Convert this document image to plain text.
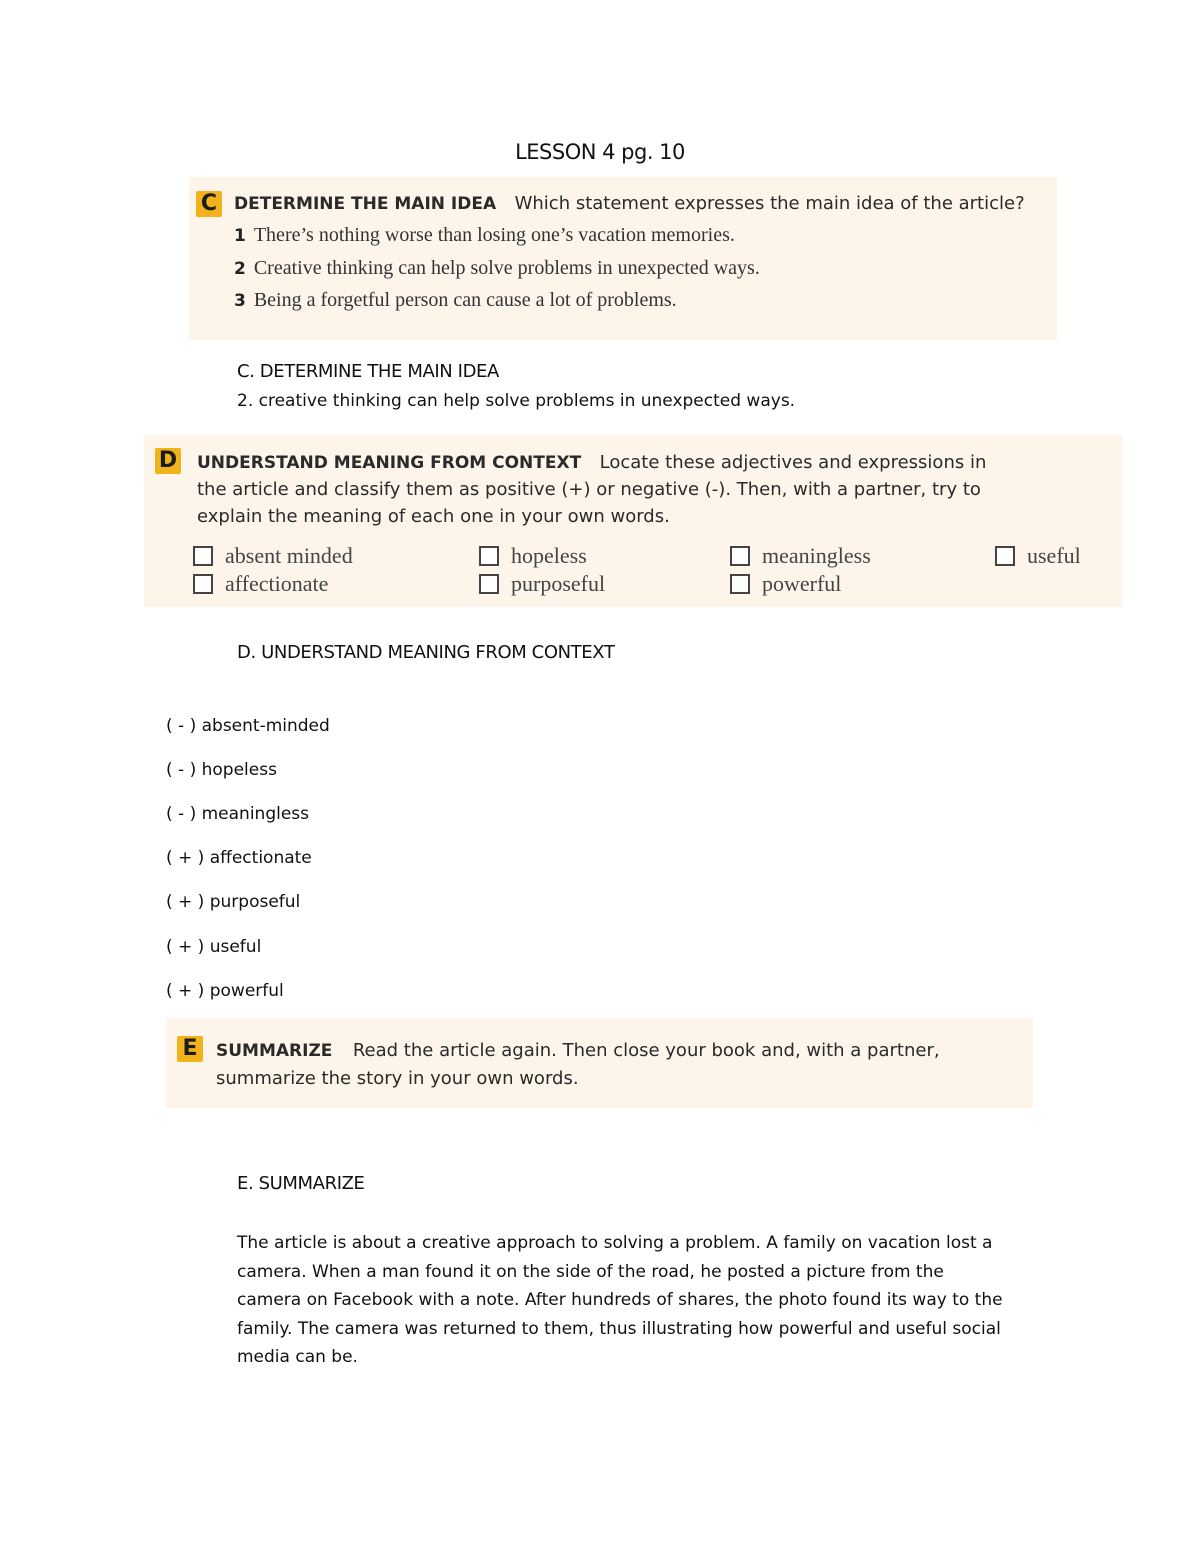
LESSON 4 pg. 10
C DETERMINE THE MAIN IDEA Which statement expresses the main idea of the article?
1 There’s nothing worse than losing one’s vacation memories.
2 Creative thinking can help solve problems in unexpected ways.
3 Being a forgetful person can cause a lot of problems.
C. DETERMINE THE MAIN IDEA
2. creative thinking can help solve problems in unexpected ways.
D UNDERSTAND MEANING FROM CONTEXT Locate these adjectives and expressions in
the article and classify them as positive (+) or negative (-). Then, with a partner, try to
explain the meaning of each one in your own words.
absent minded	hopeless	meaningless	useful
affectionate	purposeful	powerful
D. UNDERSTAND MEANING FROM CONTEXT
( - ) absent-minded
( - ) hopeless
( - ) meaningless
( + ) affectionate
( + ) purposeful
( + ) useful
( + ) powerful
E	SUMMARIZE Read the article again. Then close your book and, with a partner,
summarize the story in your own words.
E. SUMMARIZE
The article is about a creative approach to solving a problem. A family on vacation lost a
camera. When a man found it on the side of the road, he posted a picture from the
camera on Facebook with a note. After hundreds of shares, the photo found its way to the
family. The camera was returned to them, thus illustrating how powerful and useful social
media can be.
